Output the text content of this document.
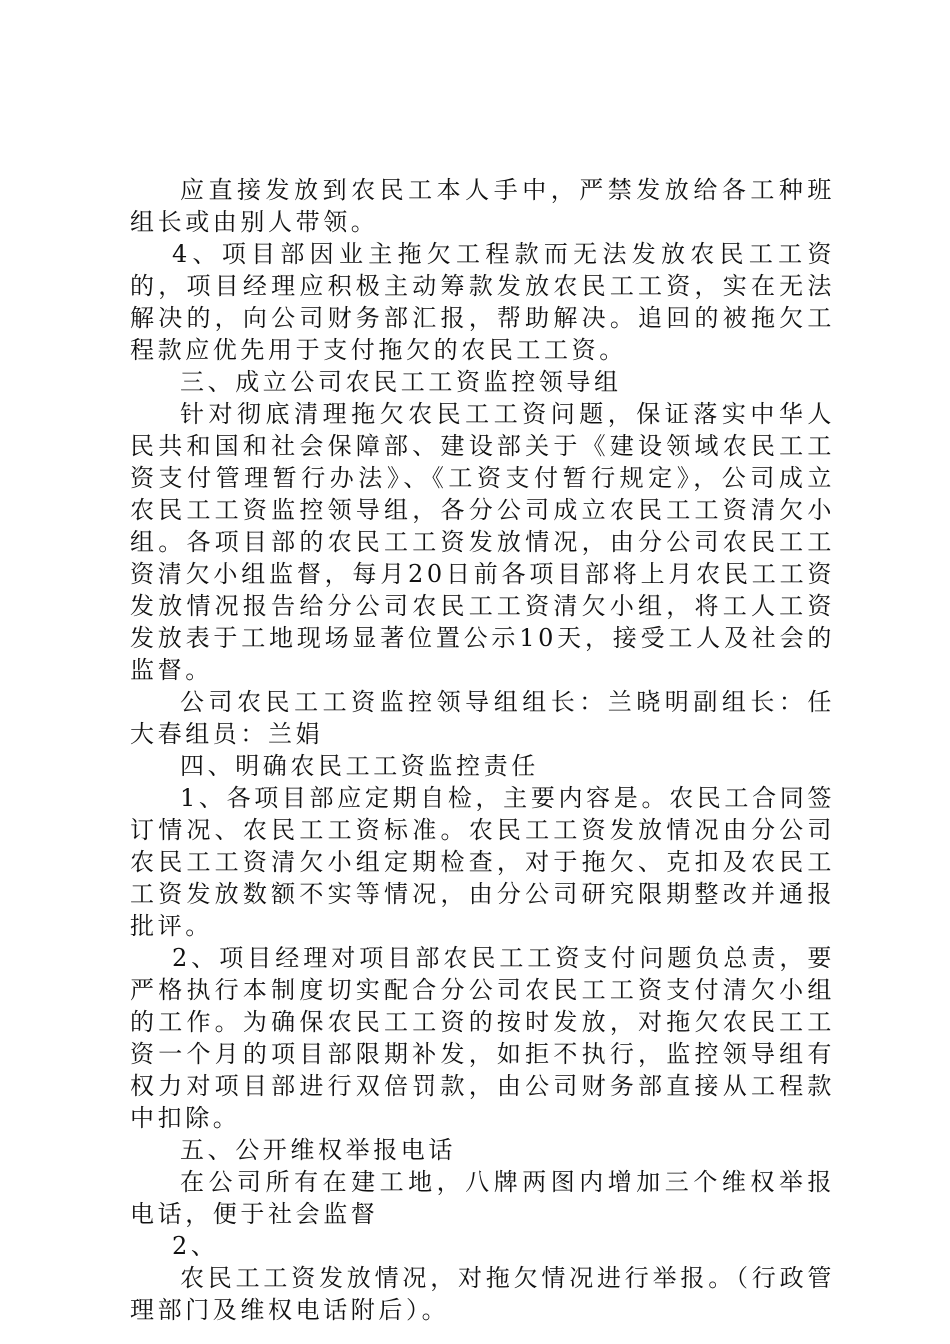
应直接发放到农民工本人手中，严禁发放给各工种班组长或由别人带领。

4、项目部因业主拖欠工程款而无法发放农民工工资的，项目经理应积极主动筹款发放农民工工资，实在无法解决的，向公司财务部汇报，帮助解决。追回的被拖欠工程款应优先用于支付拖欠的农民工工资。

三、成立公司农民工工资监控领导组

针对彻底清理拖欠农民工工资问题，保证落实中华人民共和国和社会保障部、建设部关于《建设领域农民工工资支付管理暂行办法》、《工资支付暂行规定》，公司成立农民工工资监控领导组，各分公司成立农民工工资清欠小组。各项目部的农民工工资发放情况，由分公司农民工工资清欠小组监督，每月20日前各项目部将上月农民工工资发放情况报告给分公司农民工工资清欠小组，将工人工资发放表于工地现场显著位置公示10天，接受工人及社会的监督。

公司农民工工资监控领导组组长：兰晓明副组长：任大春组员：兰娟

四、明确农民工工资监控责任

1、各项目部应定期自检，主要内容是。农民工合同签订情况、农民工工资标准。农民工工资发放情况由分公司农民工工资清欠小组定期检查，对于拖欠、克扣及农民工工资发放数额不实等情况，由分公司研究限期整改并通报批评。

2、项目经理对项目部农民工工资支付问题负总责，要严格执行本制度切实配合分公司农民工工资支付清欠小组的工作。为确保农民工工资的按时发放，对拖欠农民工工资一个月的项目部限期补发，如拒不执行，监控领导组有权力对项目部进行双倍罚款，由公司财务部直接从工程款中扣除。

五、公开维权举报电话

在公司所有在建工地，八牌两图内增加三个维权举报电话，便于社会监督

2、

农民工工资发放情况，对拖欠情况进行举报。（行政管理部门及维权电话附后）。
